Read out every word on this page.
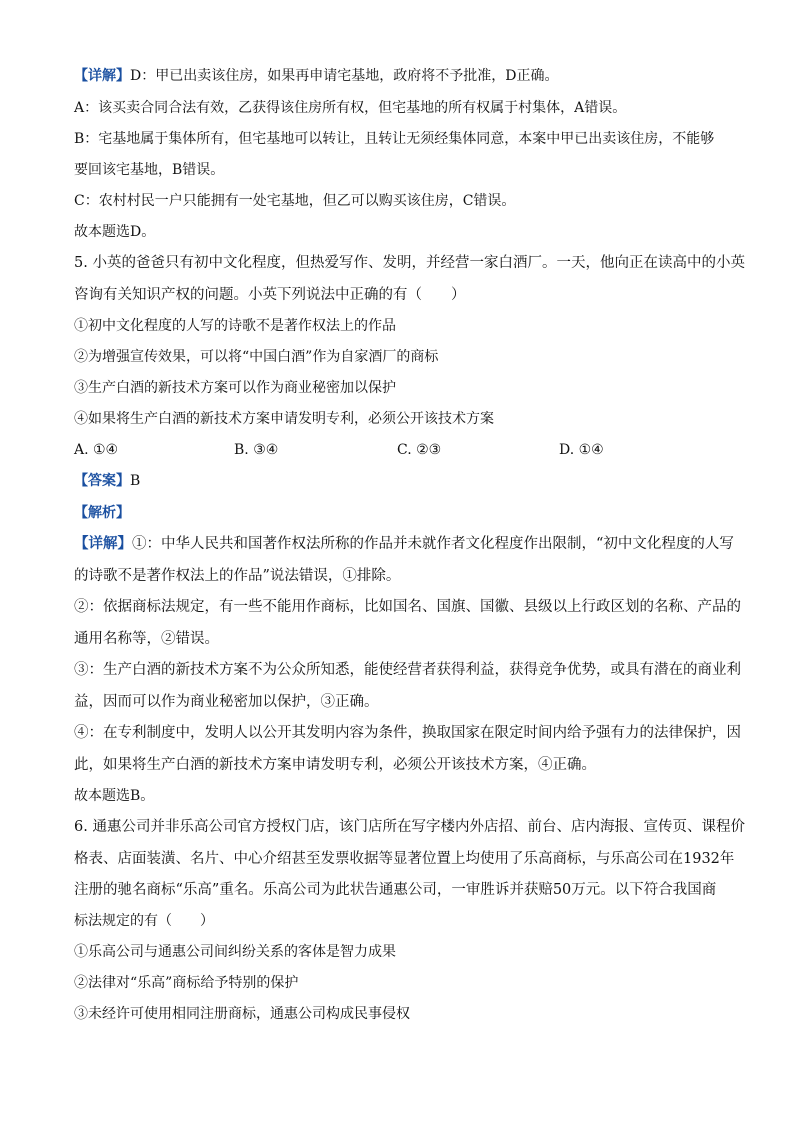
【详解】D：甲已出卖该住房，如果再申请宅基地，政府将不予批准，D正确。
A：该买卖合同合法有效，乙获得该住房所有权，但宅基地的所有权属于村集体，A错误。
B：宅基地属于集体所有，但宅基地可以转让，且转让无须经集体同意，本案中甲已出卖该住房，不能够
要回该宅基地，B错误。
C：农村村民一户只能拥有一处宅基地，但乙可以购买该住房，C错误。
故本题选D。
5. 小英的爸爸只有初中文化程度，但热爱写作、发明，并经营一家白酒厂。一天，他向正在读高中的小英
咨询有关知识产权的问题。小英下列说法中正确的有（　　）
①初中文化程度的人写的诗歌不是著作权法上的作品
②为增强宣传效果，可以将“中国白酒”作为自家酒厂的商标
③生产白酒的新技术方案可以作为商业秘密加以保护
④如果将生产白酒的新技术方案申请发明专利，必须公开该技术方案
A. ①④	B. ③④	C. ②③	D. ①④
【答案】B
【解析】
【详解】①：中华人民共和国著作权法所称的作品并未就作者文化程度作出限制，“初中文化程度的人写
的诗歌不是著作权法上的作品”说法错误，①排除。
②：依据商标法规定，有一些不能用作商标，比如国名、国旗、国徽、县级以上行政区划的名称、产品的
通用名称等，②错误。
③：生产白酒的新技术方案不为公众所知悉，能使经营者获得利益，获得竞争优势，或具有潜在的商业利
益，因而可以作为商业秘密加以保护，③正确。
④：在专利制度中，发明人以公开其发明内容为条件，换取国家在限定时间内给予强有力的法律保护，因
此，如果将生产白酒的新技术方案申请发明专利，必须公开该技术方案，④正确。
故本题选B。
6. 通惠公司并非乐高公司官方授权门店，该门店所在写字楼内外店招、前台、店内海报、宣传页、课程价
格表、店面装潢、名片、中心介绍甚至发票收据等显著位置上均使用了乐高商标，与乐高公司在1932年
注册的驰名商标“乐高”重名。乐高公司为此状告通惠公司，一审胜诉并获赔50万元。以下符合我国商
标法规定的有（　　）
①乐高公司与通惠公司间纠纷关系的客体是智力成果
②法律对“乐高”商标给予特别的保护
③未经许可使用相同注册商标，通惠公司构成民事侵权
